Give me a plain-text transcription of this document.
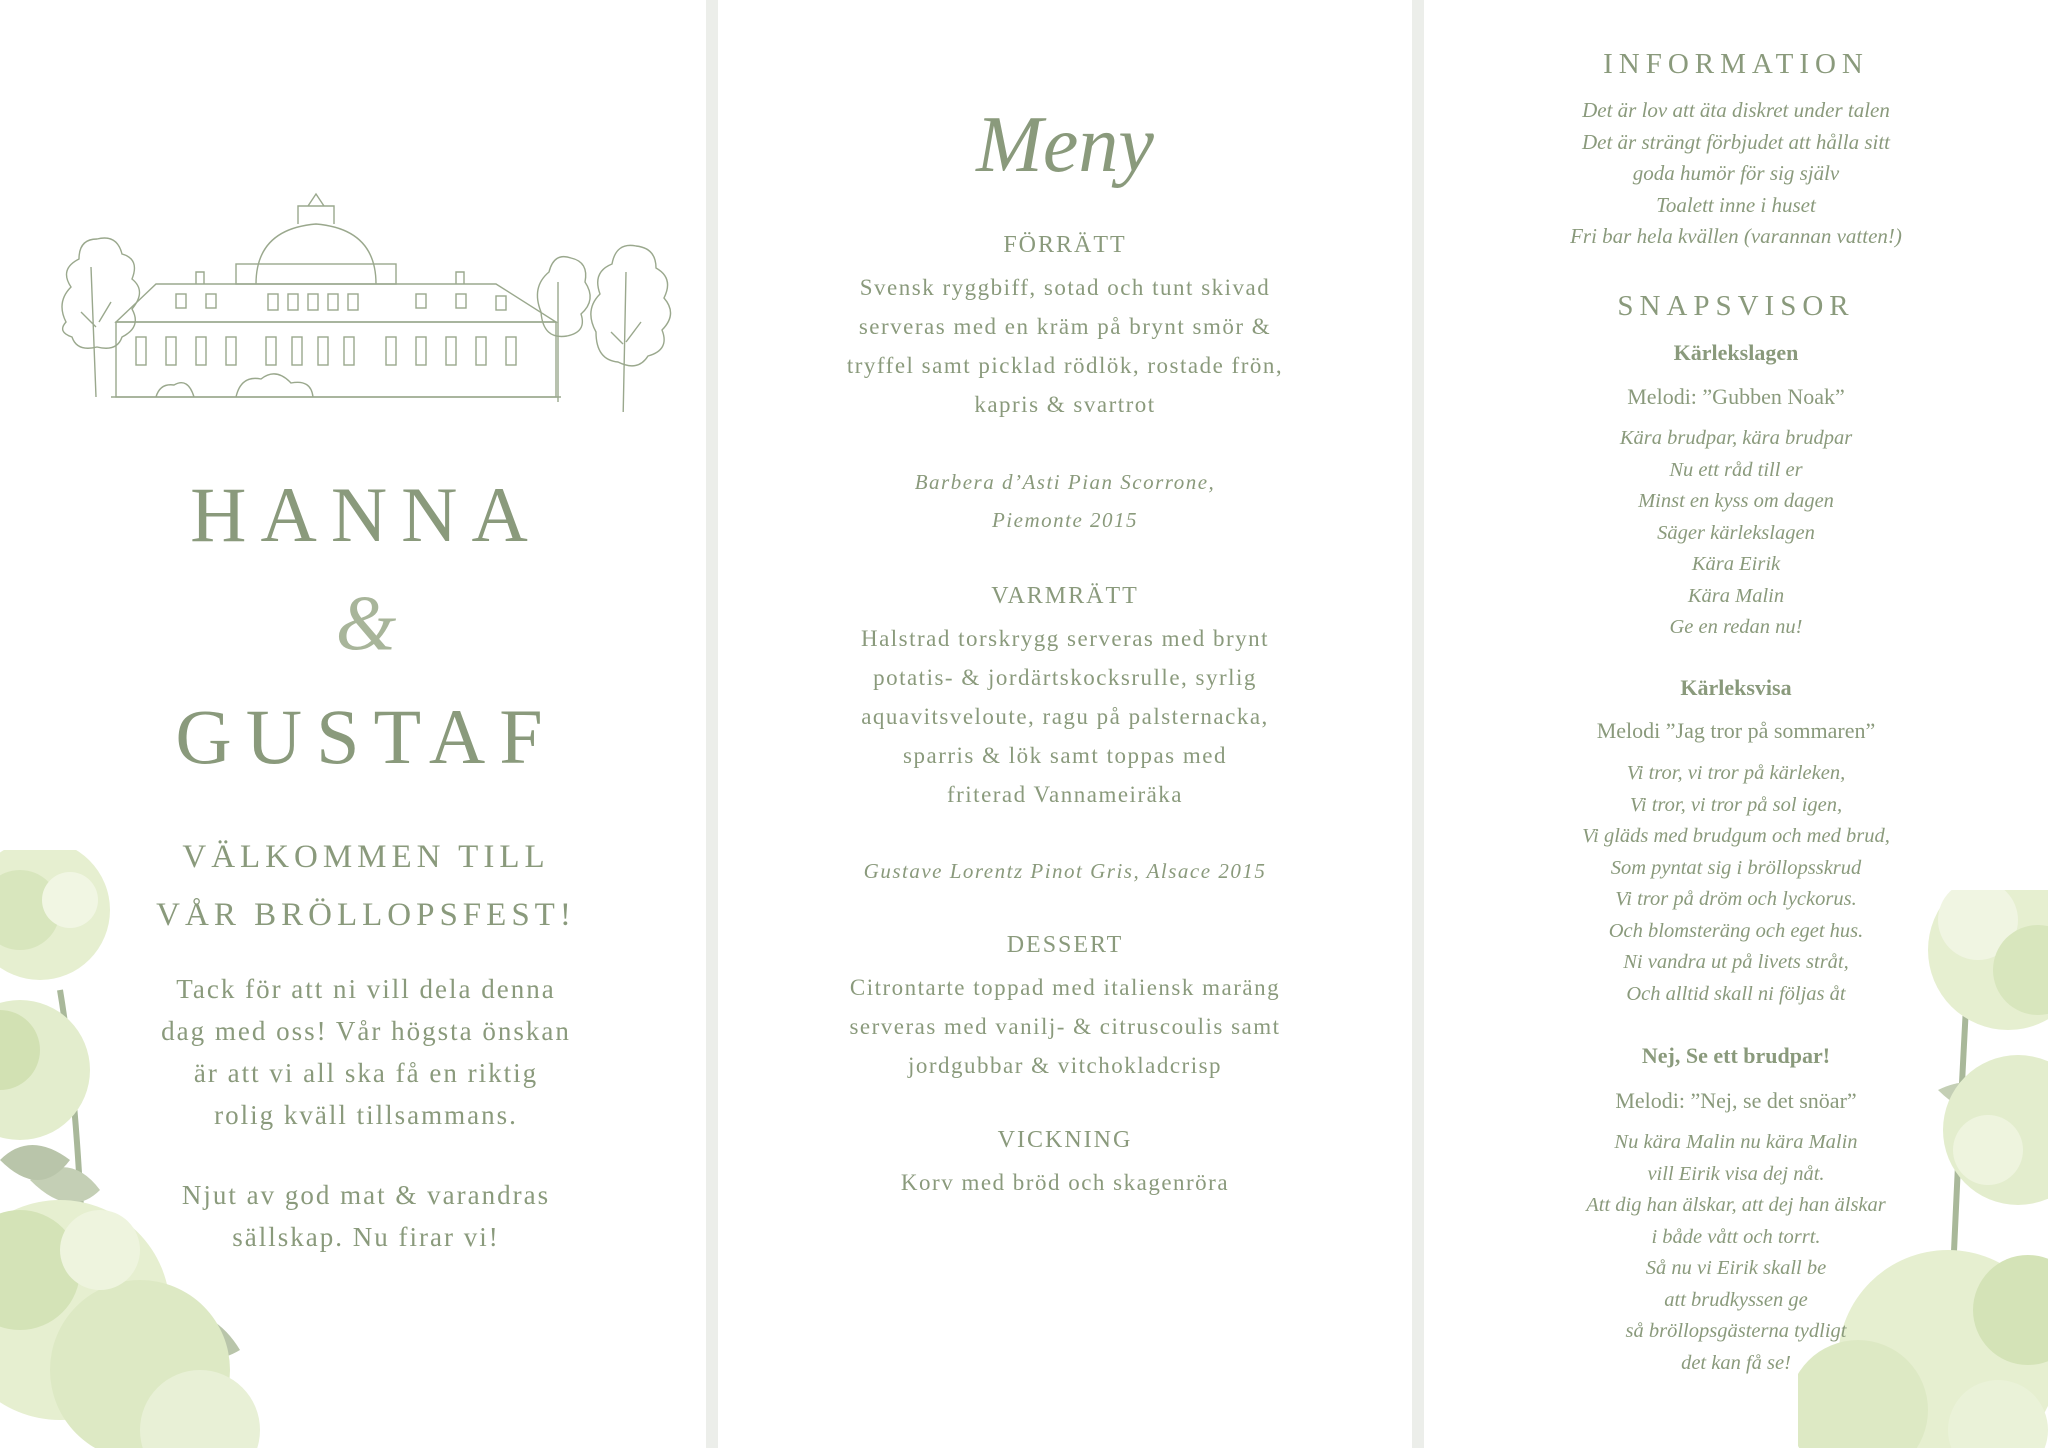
HANNA
&
GUSTAF
VÄLKOMMEN TILL
VÅR BRÖLLOPSFEST!
Tack för att ni vill dela denna
dag med oss! Vår högsta önskan
är att vi all ska få en riktig
rolig kväll tillsammans.
Njut av god mat & varandras
sällskap. Nu firar vi!
Meny
FÖRRÄTT
Svensk ryggbiff, sotad och tunt skivad
serveras med en kräm på brynt smör &
tryffel samt picklad rödlök, rostade frön,
kapris & svartrot
Barbera d’Asti Pian Scorrone,
Piemonte 2015
VARMRÄTT
Halstrad torskrygg serveras med brynt
potatis- & jordärtskocksrulle, syrlig
aquavitsveloute, ragu på palsternacka,
sparris & lök samt toppas med
friterad Vannameiräka
Gustave Lorentz Pinot Gris, Alsace 2015
DESSERT
Citrontarte toppad med italiensk maräng
serveras med vanilj- & citruscoulis samt
jordgubbar & vitchokladcrisp
VICKNING
Korv med bröd och skagenröra
INFORMATION
Det är lov att äta diskret under talen
Det är strängt förbjudet att hålla sitt
goda humör för sig själv
Toalett inne i huset
Fri bar hela kvällen (varannan vatten!)
SNAPSVISOR
Kärlekslagen
Melodi: ”Gubben Noak”
Kära brudpar, kära brudpar
Nu ett råd till er
Minst en kyss om dagen
Säger kärlekslagen
Kära Eirik
Kära Malin
Ge en redan nu!
Kärleksvisa
Melodi ”Jag tror på sommaren”
Vi tror, vi tror på kärleken,
Vi tror, vi tror på sol igen,
Vi gläds med brudgum och med brud,
Som pyntat sig i bröllopsskrud
Vi tror på dröm och lyckorus.
Och blomsteräng och eget hus.
Ni vandra ut på livets stråt,
Och alltid skall ni följas åt
Nej, Se ett brudpar!
Melodi: ”Nej, se det snöar”
Nu kära Malin nu kära Malin
vill Eirik visa dej nåt.
Att dig han älskar, att dej han älskar
i både vått och torrt.
Så nu vi Eirik skall be
att brudkyssen ge
så bröllopsgästerna tydligt
det kan få se!
